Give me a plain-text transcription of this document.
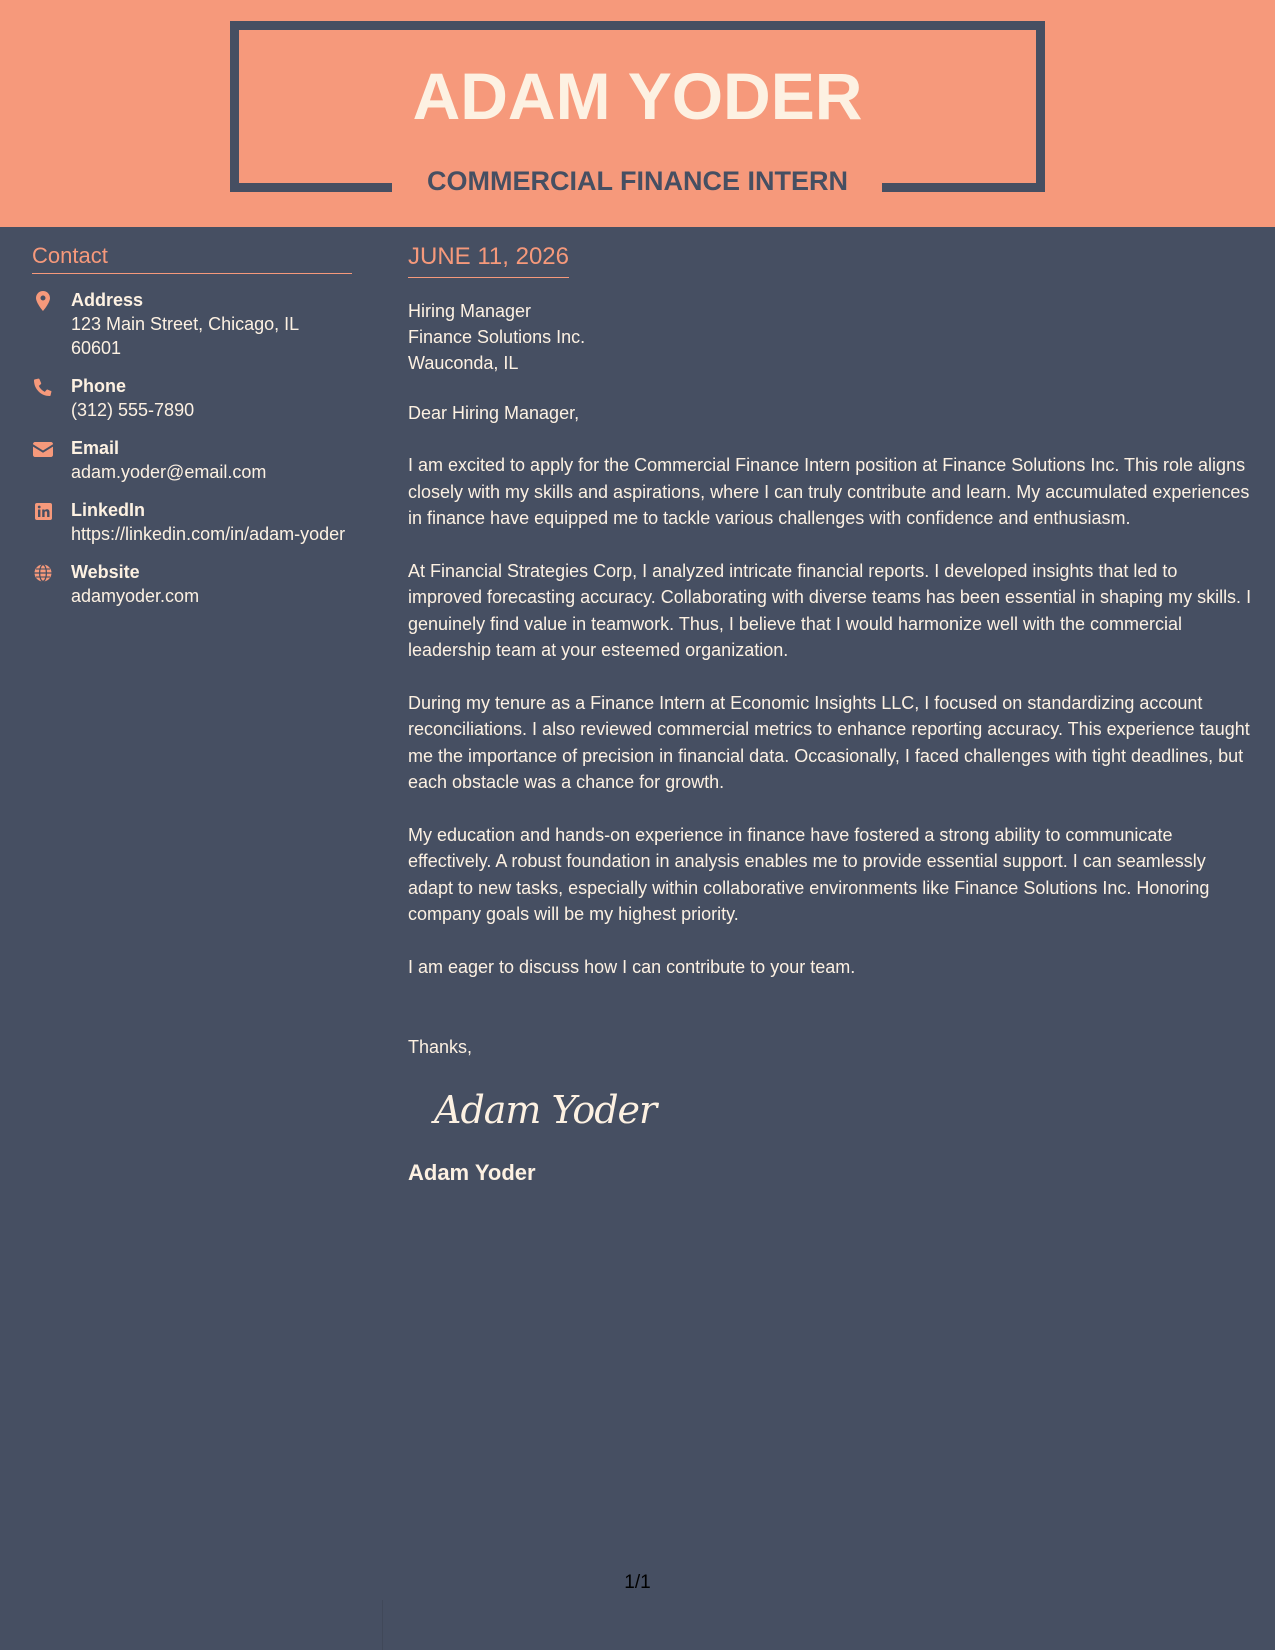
ADAM YODER
COMMERCIAL FINANCE INTERN
Contact
Address
123 Main Street, Chicago, IL 60601
Phone
(312) 555-7890
Email
adam.yoder@email.com
LinkedIn
https://linkedin.com/in/adam-yoder
Website
adamyoder.com
JUNE 11, 2026
Hiring Manager
Finance Solutions Inc.
Wauconda, IL
Dear Hiring Manager,
I am excited to apply for the Commercial Finance Intern position at Finance Solutions Inc. This role aligns closely with my skills and aspirations, where I can truly contribute and learn. My accumulated experiences in finance have equipped me to tackle various challenges with confidence and enthusiasm.
At Financial Strategies Corp, I analyzed intricate financial reports. I developed insights that led to improved forecasting accuracy. Collaborating with diverse teams has been essential in shaping my skills. I genuinely find value in teamwork. Thus, I believe that I would harmonize well with the commercial leadership team at your esteemed organization.
During my tenure as a Finance Intern at Economic Insights LLC, I focused on standardizing account reconciliations. I also reviewed commercial metrics to enhance reporting accuracy. This experience taught me the importance of precision in financial data. Occasionally, I faced challenges with tight deadlines, but each obstacle was a chance for growth.
My education and hands-on experience in finance have fostered a strong ability to communicate effectively. A robust foundation in analysis enables me to provide essential support. I can seamlessly adapt to new tasks, especially within collaborative environments like Finance Solutions Inc. Honoring company goals will be my highest priority.
I am eager to discuss how I can contribute to your team.
Thanks,
Adam Yoder
Adam Yoder
1/1
